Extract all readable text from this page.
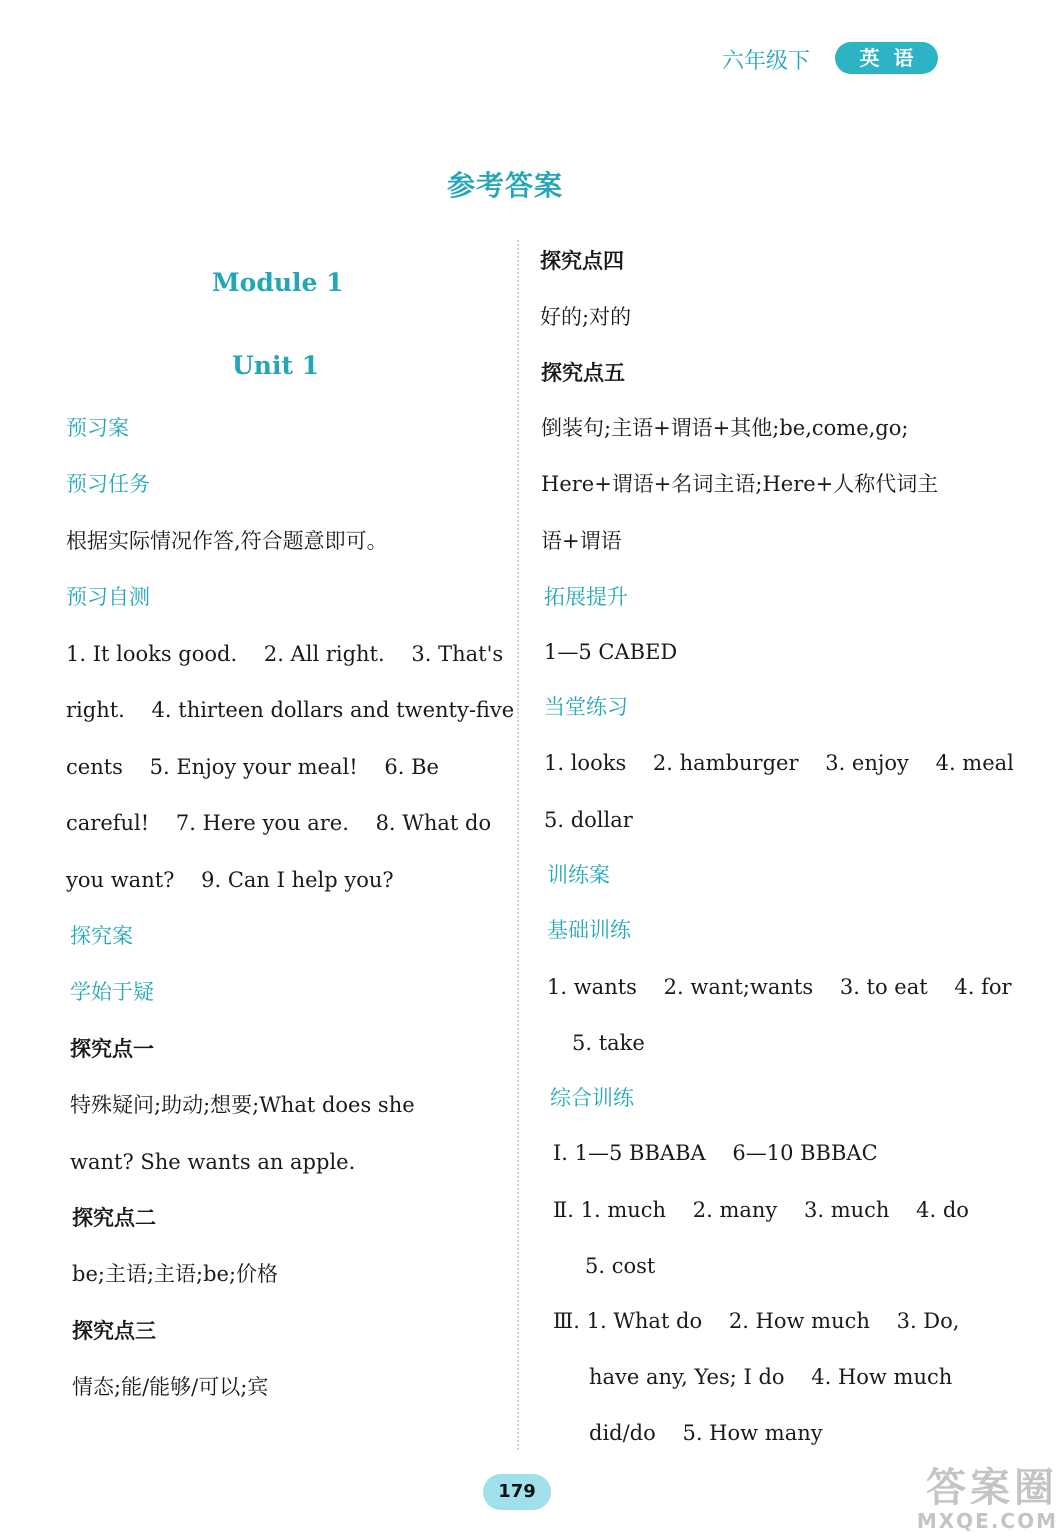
六年级下	英语
参考答案
Module 1
Unit 1
预习案
预习任务
根据实际情况作答,符合题意即可。
预习自测
1. It looks good.    2. All right.    3. That's
right.    4. thirteen dollars and twenty-five
cents    5. Enjoy your meal!    6. Be
careful!    7. Here you are.    8. What do
you want?    9. Can I help you?
探究案
学始于疑
探究点一
特殊疑问;助动;想要;What does she
want? She wants an apple.
探究点二
be;主语;主语;be;价格
探究点三
情态;能/能够/可以;宾
探究点四
好的;对的
探究点五
倒装句;主语+谓语+其他;be,come,go;
Here+谓语+名词主语;Here+人称代词主
语+谓语
拓展提升
1—5 CABED
当堂练习
1. looks    2. hamburger    3. enjoy    4. meal
5. dollar
训练案
基础训练
1. wants    2. want;wants    3. to eat    4. for
5. take
综合训练
Ⅰ. 1—5 BBABA    6—10 BBBAC
Ⅱ. 1. much    2. many    3. much    4. do
5. cost
Ⅲ. 1. What do    2. How much    3. Do,
have any, Yes; I do    4. How much
did/do    5. How many
179	答案圈
MXQE.COM
